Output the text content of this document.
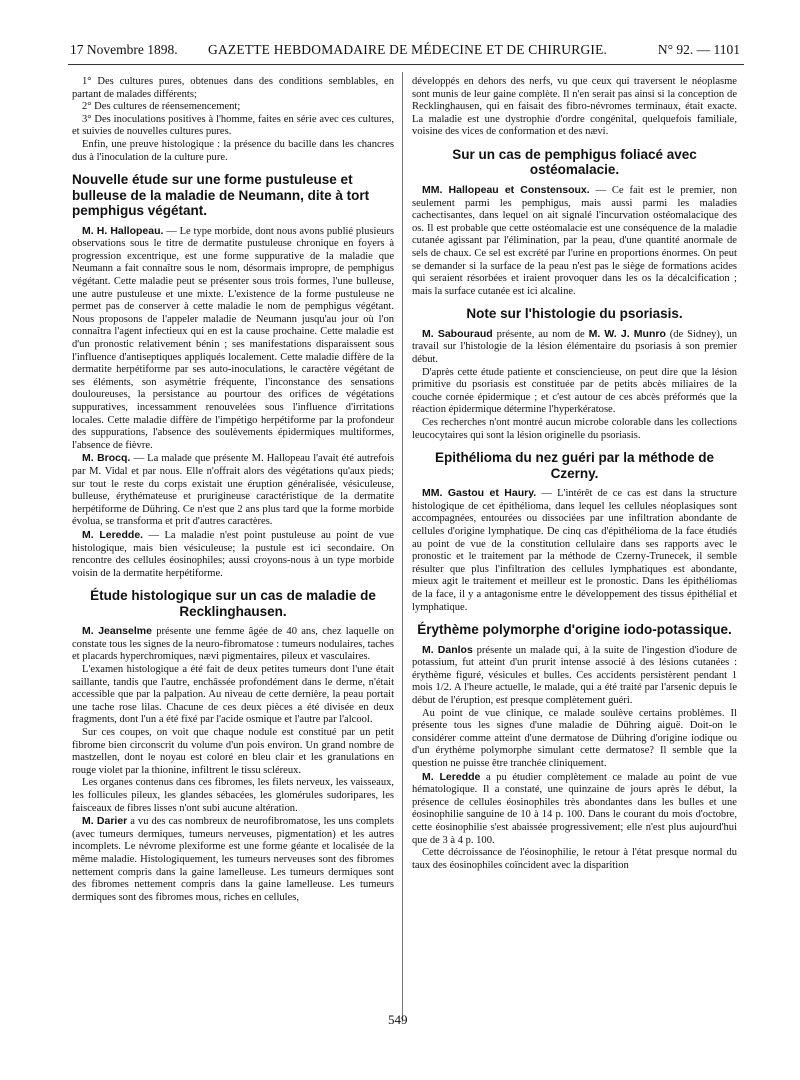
17 Novembre 1898. GAZETTE HEBDOMADAIRE DE MÉDECINE ET DE CHIRURGIE.	N° 92. — 1101

1° Des cultures pures, obtenues dans des conditions semblables, en partant de malades différents;

2° Des cultures de réensemencement;

3° Des inoculations positives à l'homme, faites en série avec ces cultures, et suivies de nouvelles cultures pures.

Enfin, une preuve histologique : la présence du bacille dans les chancres dus à l'inoculation de la culture pure.

Nouvelle étude sur une forme pustuleuse et bulleuse de la maladie de Neumann, dite à tort pemphigus végétant.

M. H. Hallopeau. — Le type morbide, dont nous avons publié plusieurs observations sous le titre de dermatite pustuleuse chronique en foyers à progression excentrique, est une forme suppurative de la maladie que Neumann a fait connaître sous le nom, désormais impropre, de pemphigus végétant. Cette maladie peut se présenter sous trois formes, l'une bulleuse, une autre pustuleuse et une mixte. L'existence de la forme pustuleuse ne permet pas de conserver à cette maladie le nom de pemphigus végétant. Nous proposons de l'appeler maladie de Neumann jusqu'au jour où l'on connaîtra l'agent infectieux qui en est la cause prochaine. Cette maladie est d'un pronostic relativement bénin ; ses manifestations disparaissent sous l'influence d'antiseptiques appliqués localement. Cette maladie diffère de la dermatite herpétiforme par ses auto-inoculations, le caractère végétant de ses éléments, son asymétrie fréquente, l'inconstance des sensations douloureuses, la persistance au pourtour des orifices de végétations suppuratives, incessamment renouvelées sous l'influence d'irritations locales. Cette maladie diffère de l'impétigo herpétiforme par la profondeur des suppurations, l'absence des soulèvements épidermiques multiformes, l'absence de fièvre.

M. Brocq. — La malade que présente M. Hallopeau l'avait été autrefois par M. Vidal et par nous. Elle n'offrait alors des végétations qu'aux pieds; sur tout le reste du corps existait une éruption généralisée, vésiculeuse, bulleuse, érythémateuse et prurigineuse caractéristique de la dermatite herpétiforme de Dühring. Ce n'est que 2 ans plus tard que la forme morbide évolua, se transforma et prit d'autres caractères.

M. Leredde. — La maladie n'est point pustuleuse au point de vue histologique, mais bien vésiculeuse; la pustule est ici secondaire. On rencontre des cellules éosinophiles; aussi croyons-nous à un type morbide voisin de la dermatite herpétiforme.

Étude histologique sur un cas de maladie de Recklinghausen.

M. Jeanselme présente une femme âgée de 40 ans, chez laquelle on constate tous les signes de la neuro-fibromatose : tumeurs nodulaires, taches et placards hyperchromiques, nævi pigmentaires, pileux et vasculaires.

L'examen histologique a été fait de deux petites tumeurs dont l'une était saillante, tandis que l'autre, enchâssée profondément dans le derme, n'était accessible que par la palpation. Au niveau de cette dernière, la peau portait une tache rose lilas. Chacune de ces deux pièces a été divisée en deux fragments, dont l'un a été fixé par l'acide osmique et l'autre par l'alcool.

Sur ces coupes, on voit que chaque nodule est constitué par un petit fibrome bien circonscrit du volume d'un pois environ. Un grand nombre de mastzellen, dont le noyau est coloré en bleu clair et les granulations en rouge violet par la thionine, infiltrent le tissu scléreux.

Les organes contenus dans ces fibromes, les filets nerveux, les vaisseaux, les follicules pileux, les glandes sébacées, les glomérules sudoripares, les faisceaux de fibres lisses n'ont subi aucune altération.

M. Darier a vu des cas nombreux de neurofibromatose, les uns complets (avec tumeurs dermiques, tumeurs nerveuses, pigmentation) et les autres incomplets. Le névrome plexiforme est une forme géante et localisée de la même maladie. Histologiquement, les tumeurs nerveuses sont des fibromes nettement compris dans la gaine lamelleuse. Les tumeurs dermiques sont des fibromes nettement compris dans la gaine lamelleuse. Les tumeurs dermiques sont des fibromes mous, riches en cellules,

développés en dehors des nerfs, vu que ceux qui traversent le néoplasme sont munis de leur gaine complète. Il n'en serait pas ainsi si la conception de Recklinghausen, qui en faisait des fibro-névromes terminaux, était exacte. La maladie est une dystrophie d'ordre congénital, quelquefois familiale, voisine des vices de conformation et des nævi.

Sur un cas de pemphigus foliacé avec ostéomalacie.

MM. Hallopeau et Constensoux. — Ce fait est le premier, non seulement parmi les pemphigus, mais aussi parmi les maladies cachectisantes, dans lequel on ait signalé l'incurvation ostéomalacique des os. Il est probable que cette ostéomalacie est une conséquence de la maladie cutanée agissant par l'élimination, par la peau, d'une quantité anormale de sels de chaux. Ce sel est excrété par l'urine en proportions énormes. On peut se demander si la surface de la peau n'est pas le siège de formations acides qui seraient résorbées et iraient provoquer dans les os la décalcification ; mais la surface cutanée est ici alcaline.

Note sur l'histologie du psoriasis.

M. Sabouraud présente, au nom de M. W. J. Munro (de Sidney), un travail sur l'histologie de la lésion élémentaire du psoriasis à son premier début.

D'après cette étude patiente et consciencieuse, on peut dire que la lésion primitive du psoriasis est constituée par de petits abcès miliaires de la couche cornée épidermique ; et c'est autour de ces abcès préformés que la réaction épidermique détermine l'hyperkératose.

Ces recherches n'ont montré aucun microbe colorable dans les collections leucocytaires qui sont la lésion originelle du psoriasis.

Epithélioma du nez guéri par la méthode de Czerny.

MM. Gastou et Haury. — L'intérêt de ce cas est dans la structure histologique de cet épithélioma, dans lequel les cellules néoplasiques sont accompagnées, entourées ou dissociées par une infiltration abondante de cellules d'origine lymphatique. De cinq cas d'épithélioma de la face étudiés au point de vue de la constitution cellulaire dans ses rapports avec le pronostic et le traitement par la méthode de Czerny-Trunecek, il semble résulter que plus l'infiltration des cellules lymphatiques est abondante, mieux agit le traitement et meilleur est le pronostic. Dans les épithéliomas de la face, il y a antagonisme entre le développement des tissus épithélial et lymphatique.

Érythème polymorphe d'origine iodo-potassique.

M. Danlos présente un malade qui, à la suite de l'ingestion d'iodure de potassium, fut atteint d'un prurit intense associé à des lésions cutanées : érythème figuré, vésicules et bulles. Ces accidents persistèrent pendant 1 mois 1/2. A l'heure actuelle, le malade, qui a été traité par l'arsenic depuis le début de l'éruption, est presque complètement guéri.

Au point de vue clinique, ce malade soulève certains problèmes. Il présente tous les signes d'une maladie de Dühring aiguë. Doit-on le considérer comme atteint d'une dermatose de Dühring d'origine iodique ou d'un érythème polymorphe simulant cette dermatose? Il semble que la question ne puisse être tranchée cliniquement.

M. Leredde a pu étudier complètement ce malade au point de vue hématologique. Il a constaté, une quinzaine de jours après le début, la présence de cellules éosinophiles très abondantes dans les bulles et une éosinophilie sanguine de 10 à 14 p. 100. Dans le courant du mois d'octobre, cette éosinophilie s'est abaissée progressivement; elle n'est plus aujourd'hui que de 3 à 4 p. 100.

Cette décroissance de l'éosinophilie, le retour à l'état presque normal du taux des éosinophiles coïncident avec la disparition

549
